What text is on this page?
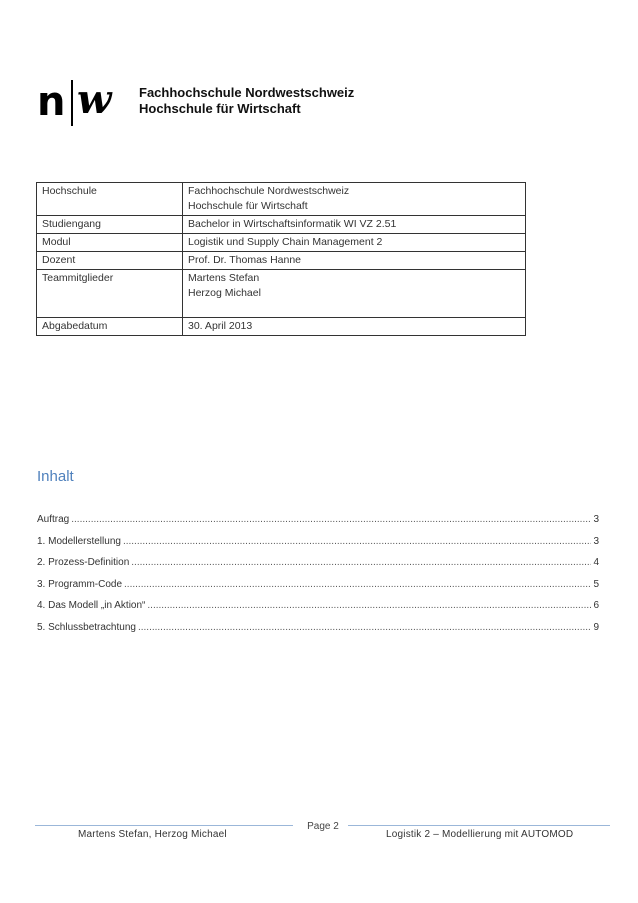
n w Fachhochschule Nordwestschweiz
Hochschule für Wirtschaft
Hochschule	Fachhochschule Nordwestschweiz
Hochschule für Wirtschaft

Studiengang	Bachelor in Wirtschaftsinformatik WI VZ 2.51

Modul	Logistik und Supply Chain Management 2

Dozent	Prof. Dr. Thomas Hanne

Teammitglieder	Martens Stefan
Herzog Michael

Abgabedatum	30. April 2013
Inhalt
Auftrag .....	3
1. Modellerstellung .....	3
2. Prozess-Definition .....	4
3. Programm-Code .....	5
4. Das Modell „in Aktion“ .....	6
5. Schlussbetrachtung .....	9
Page 2
Martens Stefan, Herzog Michael	Logistik 2 – Modellierung mit AUTOMOD
